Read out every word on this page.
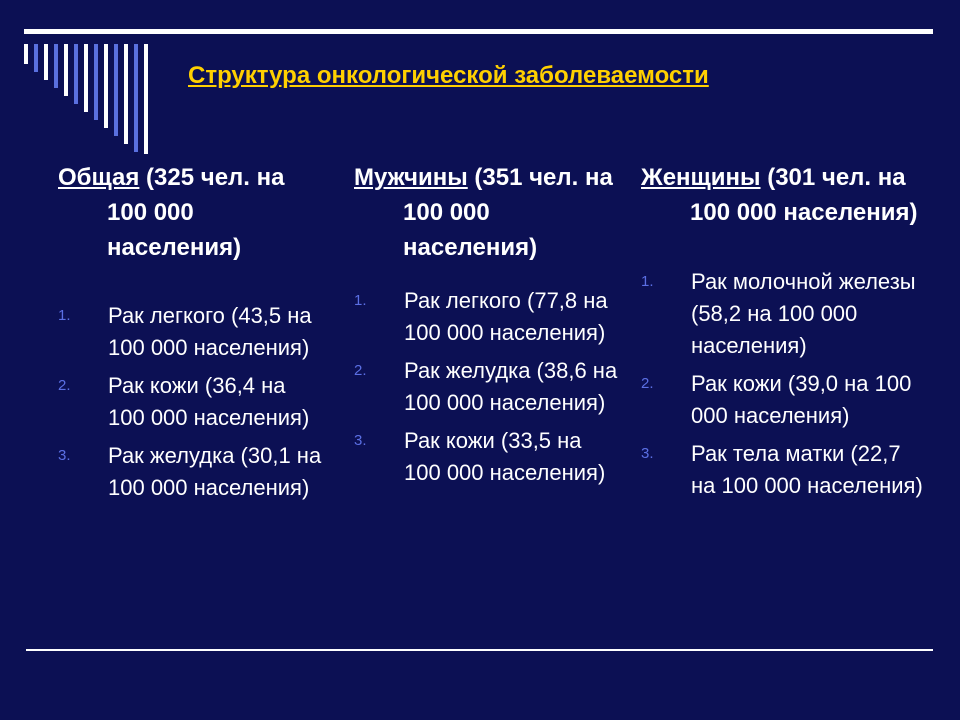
Структура онкологической заболеваемости

Общая (325 чел. на 100 000 населения)

1. Рак легкого (43,5 на 100 000 населения)
2. Рак кожи (36,4 на 100 000 населения)
3. Рак желудка (30,1 на 100 000 населения)

Мужчины (351 чел. на 100 000 населения)

1. Рак легкого (77,8 на 100 000 населения)
2. Рак желудка (38,6 на 100 000 населения)
3. Рак кожи (33,5 на 100 000 населения)

Женщины (301 чел. на 100 000 населения)

1. Рак молочной железы (58,2 на 100 000 населения)
2. Рак кожи (39,0 на 100 000 населения)
3. Рак тела матки (22,7 на 100 000 населения)
